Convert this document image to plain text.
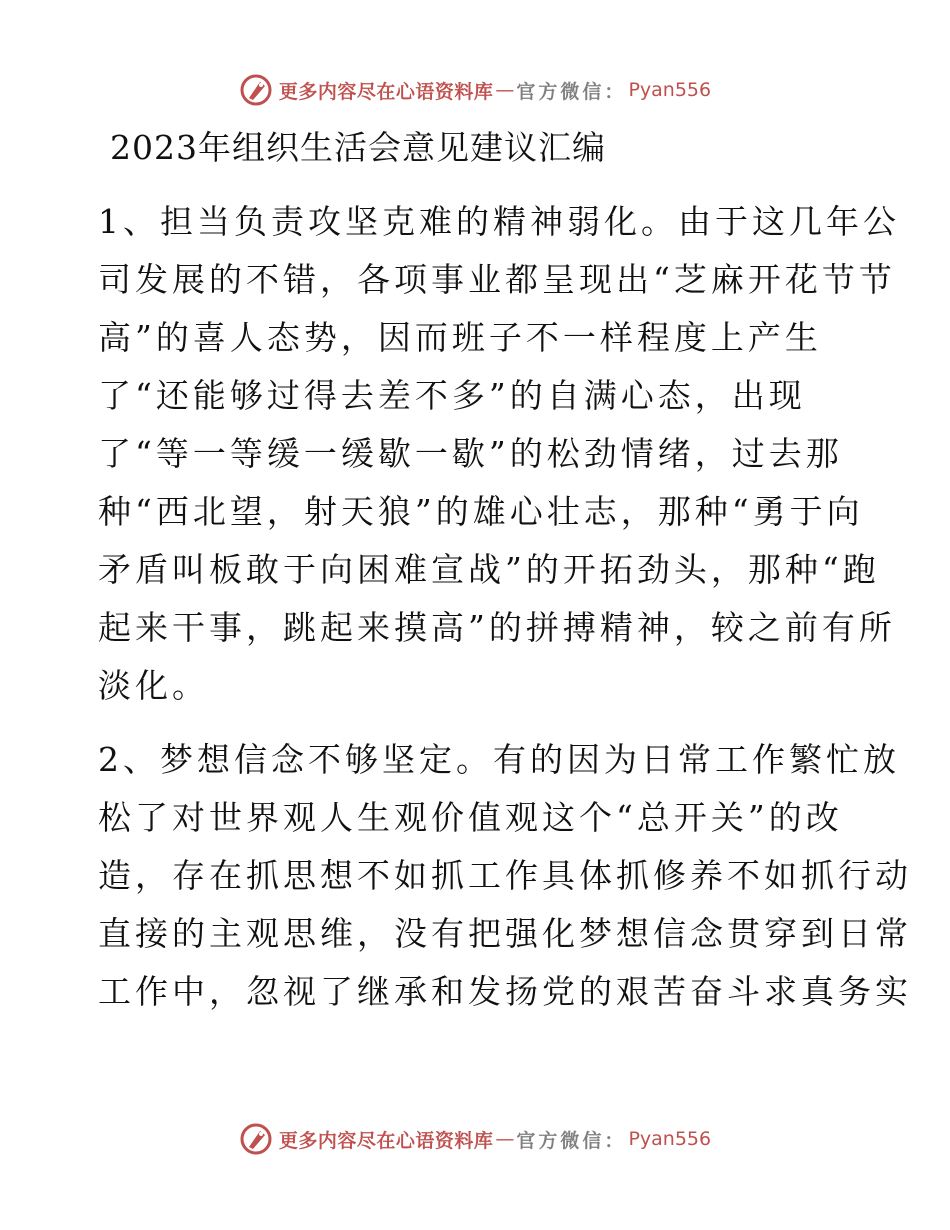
更多内容尽在心语资料库 — 官方微信： Pyan556
2023年组织生活会意见建议汇编

1、担当负责攻坚克难的精神弱化。由于这几年公
司发展的不错，各项事业都呈现出“芝麻开花节节
高”的喜人态势，因而班子不一样程度上产生
了“还能够过得去差不多”的自满心态，出现
了“等一等缓一缓歇一歇”的松劲情绪，过去那
种“西北望，射天狼”的雄心壮志，那种“勇于向
矛盾叫板敢于向困难宣战”的开拓劲头，那种“跑
起来干事，跳起来摸高”的拼搏精神，较之前有所
淡化。

2、梦想信念不够坚定。有的因为日常工作繁忙放
松了对世界观人生观价值观这个“总开关”的改
造，存在抓思想不如抓工作具体抓修养不如抓行动
直接的主观思维，没有把强化梦想信念贯穿到日常
工作中，忽视了继承和发扬党的艰苦奋斗求真务实

更多内容尽在心语资料库 — 官方微信： Pyan556
